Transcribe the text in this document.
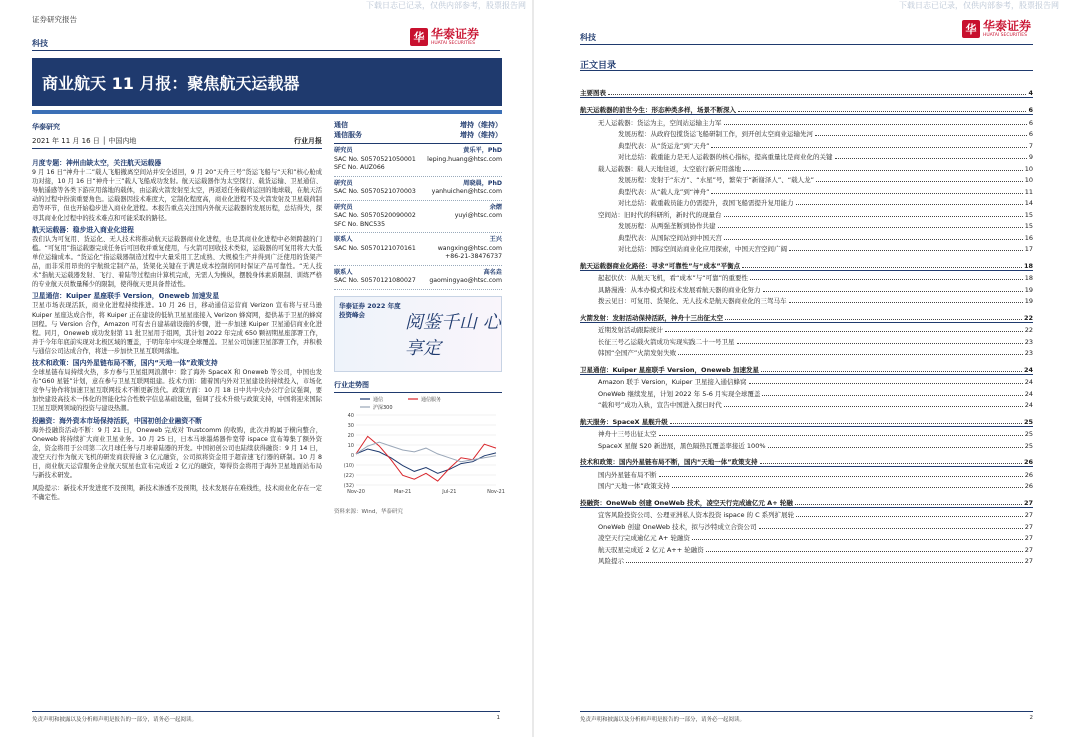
下载日志已记录，仅供内部参考，股票报告网
证券研究报告
科技	华 华泰证券
HUATAI SECURITIES
商业航天 11 月报：聚焦航天运载器
华泰研究
2021 年 11 月 16 日 │ 中国内地	行业月报
月度专题：神州由缺太空，关注航天运载器

9 月 16 日“神舟十二”载人飞船撤离空间站并安全返回，9 月 20“天舟三号”货运飞船与“天和”核心舱成功对接，10 月 16 日“神舟十三”载人飞船成功发射。航天运载器作为太空探行、载货运输、卫星通信、导航遥感等各类下游应用落地的载体，由运载火箭发射至太空，再返返任务载荷运回的地球载，在航天活动的过程中扮演重要角色。运载器因技术难度大，定制化程度高，商业化进程不及火箭发射及卫星载荷制造等环节，但也开始稳步进入商业化进程。本报告重点关注国内外航天运载器的发展历程，总结得失，探寻其商业化过程中的技术难点和可能采取的路径。

航天运载器：稳步进入商业化进程

我们认为可复用、货运化、无人技术将推动航天运载器商业化进程，也是其商业化进程中必须跨越的门槛。“可复用”指运载器完成任务后可回收并重复使用，与火箭可回收技术类似，运载器的可复用将大大低单位运输成本。“货运化”指运载器制造过程中大量采用工艺成熟、大规模生产并得到广泛使用的货架产品，而非采用昂贵的宇航级定制产品，货架化关键在于满足成本控制的同时保证产品可靠性。“无人技术”指航天运载器发射、飞行、着陆等过程由计算机完成，无需人为操纵，摆脱身体素质限制、训练严格的专业航天员数量稀少的限制，使得航天更具备普适性。

卫星通信：Kuiper 星座联手 Version，Oneweb 加速发星

卫星市场表现活跃，商业化进程持续推进。10 月 26 日，移动通信运营商 Verizon 宣布将与亚马逊 Kuiper 星座达成合作，将 Kuiper 正在建设的低轨卫星星座接入 Verizon 蜂窝网，提供基于卫星的蜂窝回程。与 Version 合作，Amazon 可有去自建基础设施的步骤，进一步加速 Kuiper 卫星通信商业化进程。同月，Oneweb 成功发射第 11 批卫星用于组网，其计划 2022 年完成 650 颗初期星座部署工作，并于今年年底前实现对北极区域的覆盖，于明年年中实现全球覆盖。卫星公司加速卫星部署工作，并积极与通信公司达成合作，将进一步加快卫星互联网落地。

技术和政策：国内外星链布局不断，国内“天地一体”政策支持

全球星链布局持续火热，多方参与卫星组网浪潮中：除了海外 SpaceX 和 Oneweb 等公司，中国也发布“G60 星链”计划，意在参与卫星互联网组建。技术方面：随着国内外对卫星建设的持续投入，市场化竞争与协作将加速卫星互联网技术不断更新迭代。政策方面：10 月 18 日中共中央办公厅会议强调，要加快建设高技术一体化的智能化综合性数字信息基础设施，强调了技术升级与政策支持，中国将迎来国际卫星互联网领域的投资与建设热潮。

投融资：海外资本市场保持活跃，中国初创企业融资不断

海外投融资活动不断：9 月 21 日，Oneweb 完成对 Trustcomm 的收购，此次并购属于横向整合，Oneweb 将持续扩大商业卫星业务。10 月 25 日，日本马球墨烯器件宽带 ispace 宣布筹集了额外资金，资金将用于公司第二次月球任务与月球着陆器的开发。中国初创公司也陆续获得融资：9 月 14 日，凌空天行作为航天飞机的研发商获得逾 3 亿元融资，公司拟将资金用于超音速飞行器的研制。10 月 8 日，商业航天运营服务企业航天驭星也宣布完成近 2 亿元的融资，筹得资金将用于海外卫星地面站布局与新技术研发。

风险提示：新技术开发进度不及预期，新技术渗透不及预期，技术发展存在难线性，技术商业化存在一定不确定性。

通信	增持（维持）
通信服务	增持（维持）
研究员	黄乐平，PhD
SAC No. S0570521050001 leping.huang@htsc.com
SFC No. AUZ066
研究员	周晓晨，PhD
SAC No. S0570521070003	yanhuichen@htsc.com
研究员	余熠
SAC No. S0570520090002	yuyi@htsc.com
SFC No. BNC535
联系人	王兴
SAC No. S0570121070161	wangxing@htsc.com
+86-21-38476737
联系人	高名垚
SAC No. S0570121080027 gaomingyao@htsc.com
华泰证券 2022 年度投资峰会	阅鉴千山 心享定
行业走势图
40
30
20
10
0
(10)
(22)
(32)
Nov-20	Mar-21	Jul-21	Nov-21
通信	通信服务
沪深300
资料来源：Wind，华泰研究
免责声明和披露以及分析师声明是报告的一部分，请务必一起阅读。	1
下载日志已记录，仅供内部参考，股票报告网
科技
华 华泰证券
HUATAI SECURITIES
正文目录
主要图表	4
航天运载器的前世今生：形态种类多样，场景不断深入	6
无人运载器：货运为主，空间站运输主力军	6
发展历程：从政府包揽货运飞船研制工作，到开创太空商业运输先河	6
典型代表：从“货运龙”到“天舟”	7
对比总结：载重能力是无人运载器的核心指标，提高重量比是商业化的关键	9
载人运载器：载人天地往返，太空旅行新应用落地	10
发展历程：发射于“东方”、“水星”号，繁荣于“新谢泽人”、“载人龙”	10
典型代表：从“载人龙”到“神舟”	11
对比总结：载重载员能力仍需提升，我国飞船需提升复用能力	14
空间站：旧时代的科研所，新时代的现量台	15
发展历程：从两强垄断到协作共建	15
典型代表：从国际空间站到中国天宫	16
对比总结：国际空间站商业化应用探索，中国天宫空间广阔	17
航天运载器商业化路径：寻求“可靠性”与“成本”平衡点	18
起起伏伏：从航天飞机，看“成本”与“可靠”的重要性	18
具路漫漫：从本办模式和技术发展看航天器的商业化努力	19
拨云见日：可复用、货架化、无人技术是航天器商业化的三驾马车	19
火箭发射：发射活动保持活跃，神舟十三出征太空	22
近期发射活动跟踪统计	22
长征三号乙运载火箭成功实现实践二十一号卫星	23
韩国“全国产”火箭发射失败	23
卫星通信：Kuiper 星座联手 Version，Oneweb 加速发星	24
Amazon 联手 Version，Kuiper 卫星接入通信蜂窝	24
OneWeb 继续发星，计划 2022 年 5-6 月实现全球覆盖	24
“载和号”成功入轨，宣告中国进入探日时代	24
航天服务：SpaceX 星舰升级	25
神舟十三号出征太空	25
SpaceX 星舰 S20 新进展，黑色隔热瓦覆盖率接近 100%	25
技术和政策：国内外星链布局不断，国内“天地一体”政策支持	26
国内外星链布局不断	26
国内“天地一体”政策支持	26
投融资：OneWeb 创建 OneWeb 技术，凌空天行完成逾亿元 A+ 轮融	27
宜客风险投资公司、公理亚洲私人资本投资 ispace 的 C 系列扩展轮	27
OneWeb 创建 OneWeb 技术，拟与沙特成立合资公司	27
凌空天行完成逾亿元 A+ 轮融资	27
航天驭星完成近 2 亿元 A++ 轮融资	27
风险提示	27
免责声明和披露以及分析师声明是报告的一部分，请务必一起阅读。	2
